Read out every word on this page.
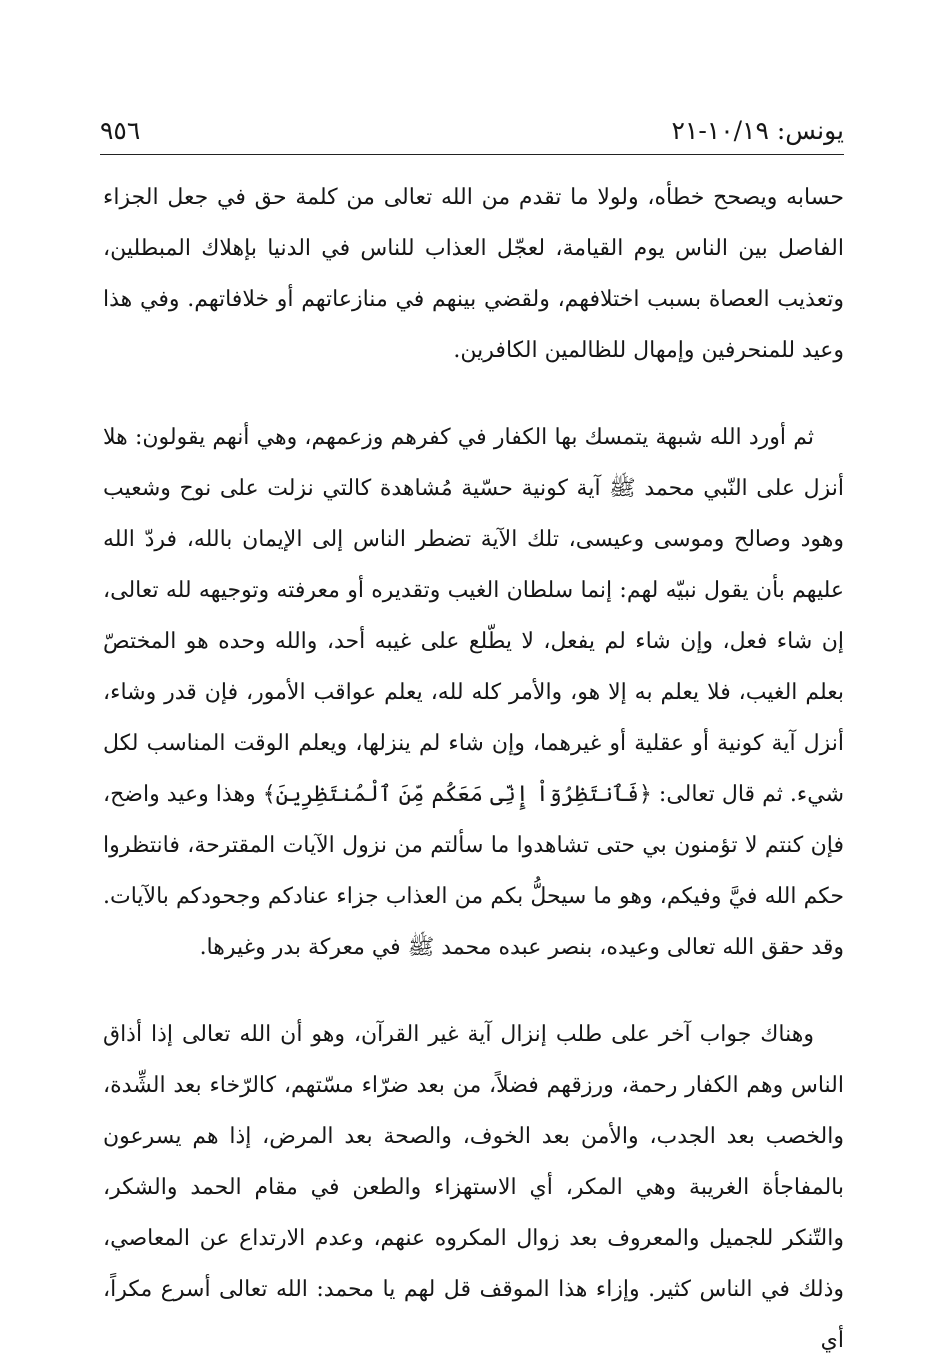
يونس: ١٠/١٩-٢١
٩٥٦

حسابه ويصحح خطأه، ولولا ما تقدم من الله تعالى من كلمة حق في جعل الجزاء الفاصل بين الناس يوم القيامة، لعجّل العذاب للناس في الدنيا بإهلاك المبطلين، وتعذيب العصاة بسبب اختلافهم، ولقضي بينهم في منازعاتهم أو خلافاتهم. وفي هذا وعيد للمنحرفين وإمهال للظالمين الكافرين.

ثم أورد الله شبهة يتمسك بها الكفار في كفرهم وزعمهم، وهي أنهم يقولون: هلا أنزل على النّبي محمد ﷺ آية كونية حسّية مُشاهدة كالتي نزلت على نوح وشعيب وهود وصالح وموسى وعيسى، تلك الآية تضطر الناس إلى الإيمان بالله، فردّ الله عليهم بأن يقول نبيّه لهم: إنما سلطان الغيب وتقديره أو معرفته وتوجيهه لله تعالى، إن شاء فعل، وإن شاء لم يفعل، لا يطّلع على غيبه أحد، والله وحده هو المختصّ بعلم الغيب، فلا يعلم به إلا هو، والأمر كله لله، يعلم عواقب الأمور، فإن قدر وشاء، أنزل آية كونية أو عقلية أو غيرهما، وإن شاء لم ينزلها، ويعلم الوقت المناسب لكل شيء. ثم قال تعالى: ﴿فَٱنتَظِرُوٓاْ إِنِّى مَعَكُم مِّنَ ٱلْمُنتَظِرِينَ﴾ وهذا وعيد واضح، فإن كنتم لا تؤمنون بي حتى تشاهدوا ما سألتم من نزول الآيات المقترحة، فانتظروا حكم الله فيَّ وفيكم، وهو ما سيحلُّ بكم من العذاب جزاء عنادكم وجحودكم بالآيات. وقد حقق الله تعالى وعيده، بنصر عبده محمد ﷺ في معركة بدر وغيرها.

وهناك جواب آخر على طلب إنزال آية غير القرآن، وهو أن الله تعالى إذا أذاق الناس وهم الكفار رحمة، ورزقهم فضلاً، من بعد ضرّاء مسّتهم، كالرّخاء بعد الشِّدة، والخصب بعد الجدب، والأمن بعد الخوف، والصحة بعد المرض، إذا هم يسرعون بالمفاجأة الغريبة وهي المكر، أي الاستهزاء والطعن في مقام الحمد والشكر، والتّنكر للجميل والمعروف بعد زوال المكروه عنهم، وعدم الارتداع عن المعاصي، وذلك في الناس كثير. وإزاء هذا الموقف قل لهم يا محمد: الله تعالى أسرع مكراً، أي
